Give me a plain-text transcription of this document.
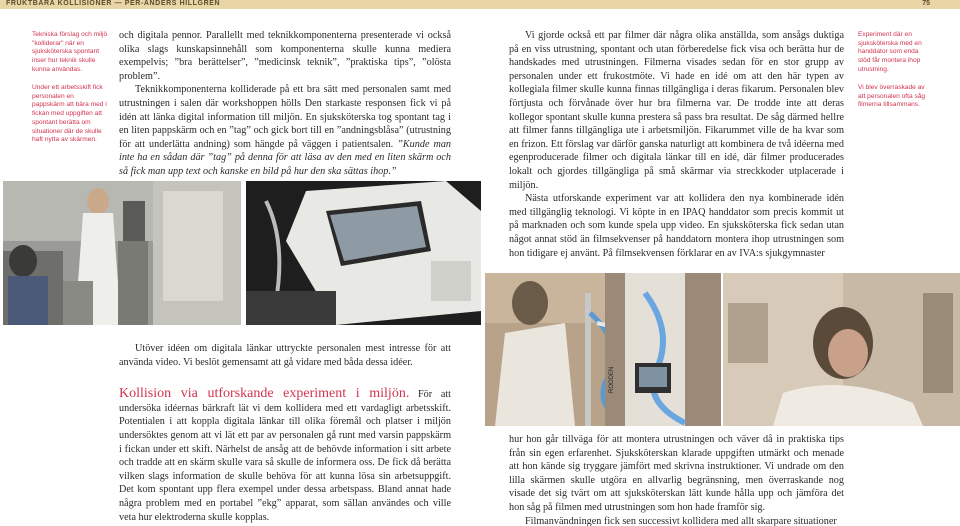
FRUKTBARA KOLLISIONER — PER-ANDERS HILLGREN	75
Tekniska förslag och miljö "kolliderar" när en sjuksköterska spontant inser hur teknik skulle kunna användas.
Under ett arbetsskift fick personalen en pappskärm att bära med i fickan med uppgiften att spontant berätta om situationer där de skulle haft nytta av skärmen.
Experiment där en sjuksköterska med en handdator som enda stöd får montera ihop utrustning.
Vi blev överraskade av att personalen ofta såg filmerna tillsammans.

och digitala pennor. Parallellt med teknikkomponenterna presenterade vi också olika slags kunskapsinnehåll som komponenterna skulle kunna mediera exempelvis; ”bra berättelser”, ”medicinsk teknik”, ”praktiska tips”, ”olösta problem”.

Teknikkomponenterna kolliderade på ett bra sätt med personalen samt med utrustningen i salen där workshoppen hölls Den starkaste responsen fick vi på idén att länka digital information till miljön. En sjuksköterska tog spontant tag i en liten pappskärm och en ”tag” och gick bort till en ”andningsblåsa” (utrustning för att underlätta andning) som hängde på väggen i patientsalen. ”Kunde man inte ha en sådan där ”tag” på denna för att läsa av den med en liten skärm och så fick man upp text och kanske en bild på hur den ska sättas ihop.”

Vi gjorde också ett par filmer där några olika anställda, som ansågs duktiga på en viss utrustning, spontant och utan förberedelse fick visa och berätta hur de handskades med utrustningen. Filmerna visades sedan för en stor grupp av personalen under ett frukostmöte. Vi hade en idé om att den här typen av kollegiala filmer skulle kunna finnas tillgängliga i deras fikarum. Personalen blev förtjusta och förvånade över hur bra filmerna var. De trodde inte att deras kollegor spontant skulle kunna prestera så pass bra resultat. De såg därmed hellre att filmer fanns tillgängliga ute i arbetsmiljön. Fikarummet ville de ha kvar som en frizon. Ett förslag var därför ganska naturligt att kombinera de två idéerna med egenproducerade filmer och digitala länkar till en idé, där filmer producerades lokalt och gjordes tillgängliga på små skärmar via streckkoder utplacerade i miljön.

Nästa utforskande experiment var att kollidera den nya kombinerade idén med tillgänglig teknologi. Vi köpte in en IPAQ handdator som precis kommit ut på marknaden och som kunde spela upp video. En sjuksköterska fick sedan utan något annat stöd än filmsekvenser på handdatorn montera ihop utrustningen som hon tidigare ej använt. På filmsekvensen förklarar en av IVA:s sjukgymnaster

ROODEN

Utöver idéen om digitala länkar uttryckte personalen mest intresse för att använda video. Vi beslöt gemensamt att gå vidare med båda dessa idéer.

Kollision via utforskande experiment i miljön. För att undersöka idéernas bärkraft lät vi dem kollidera med ett vardagligt arbetsskift. Potentialen i att koppla digitala länkar till olika föremål och platser i miljön undersöktes genom att vi lät ett par av personalen gå runt med varsin pappskärm i fickan under ett skift. Närhelst de ansåg att de behövde information i sitt arbete och tradde att en skärm skulle vara så skulle de informera oss. De fick då berätta vilken slags information de skulle behöva för att kunna lösa sin arbetsuppgift. Det kom spontant upp flera exempel under dessa arbetspass. Bland annat hade några problem med en portabel ”ekg” apparat, som sällan användes och ville veta hur elektroderna skulle kopplas.

hur hon går tillväga för att montera utrustningen och väver då in praktiska tips från sin egen erfarenhet. Sjuksköterskan klarade uppgiften utmärkt och menade att hon kände sig tryggare jämfört med skrivna instruktioner. Vi undrade om den lilla skärmen skulle utgöra en allvarlig begränsning, men överraskande nog visade det sig tvärt om att sjuksköterskan lätt kunde hålla upp och jämföra det hon såg på filmen med utrustningen som hon hade framför sig.

Filmanvändningen fick sen successivt kollidera med allt skarpare situationer
